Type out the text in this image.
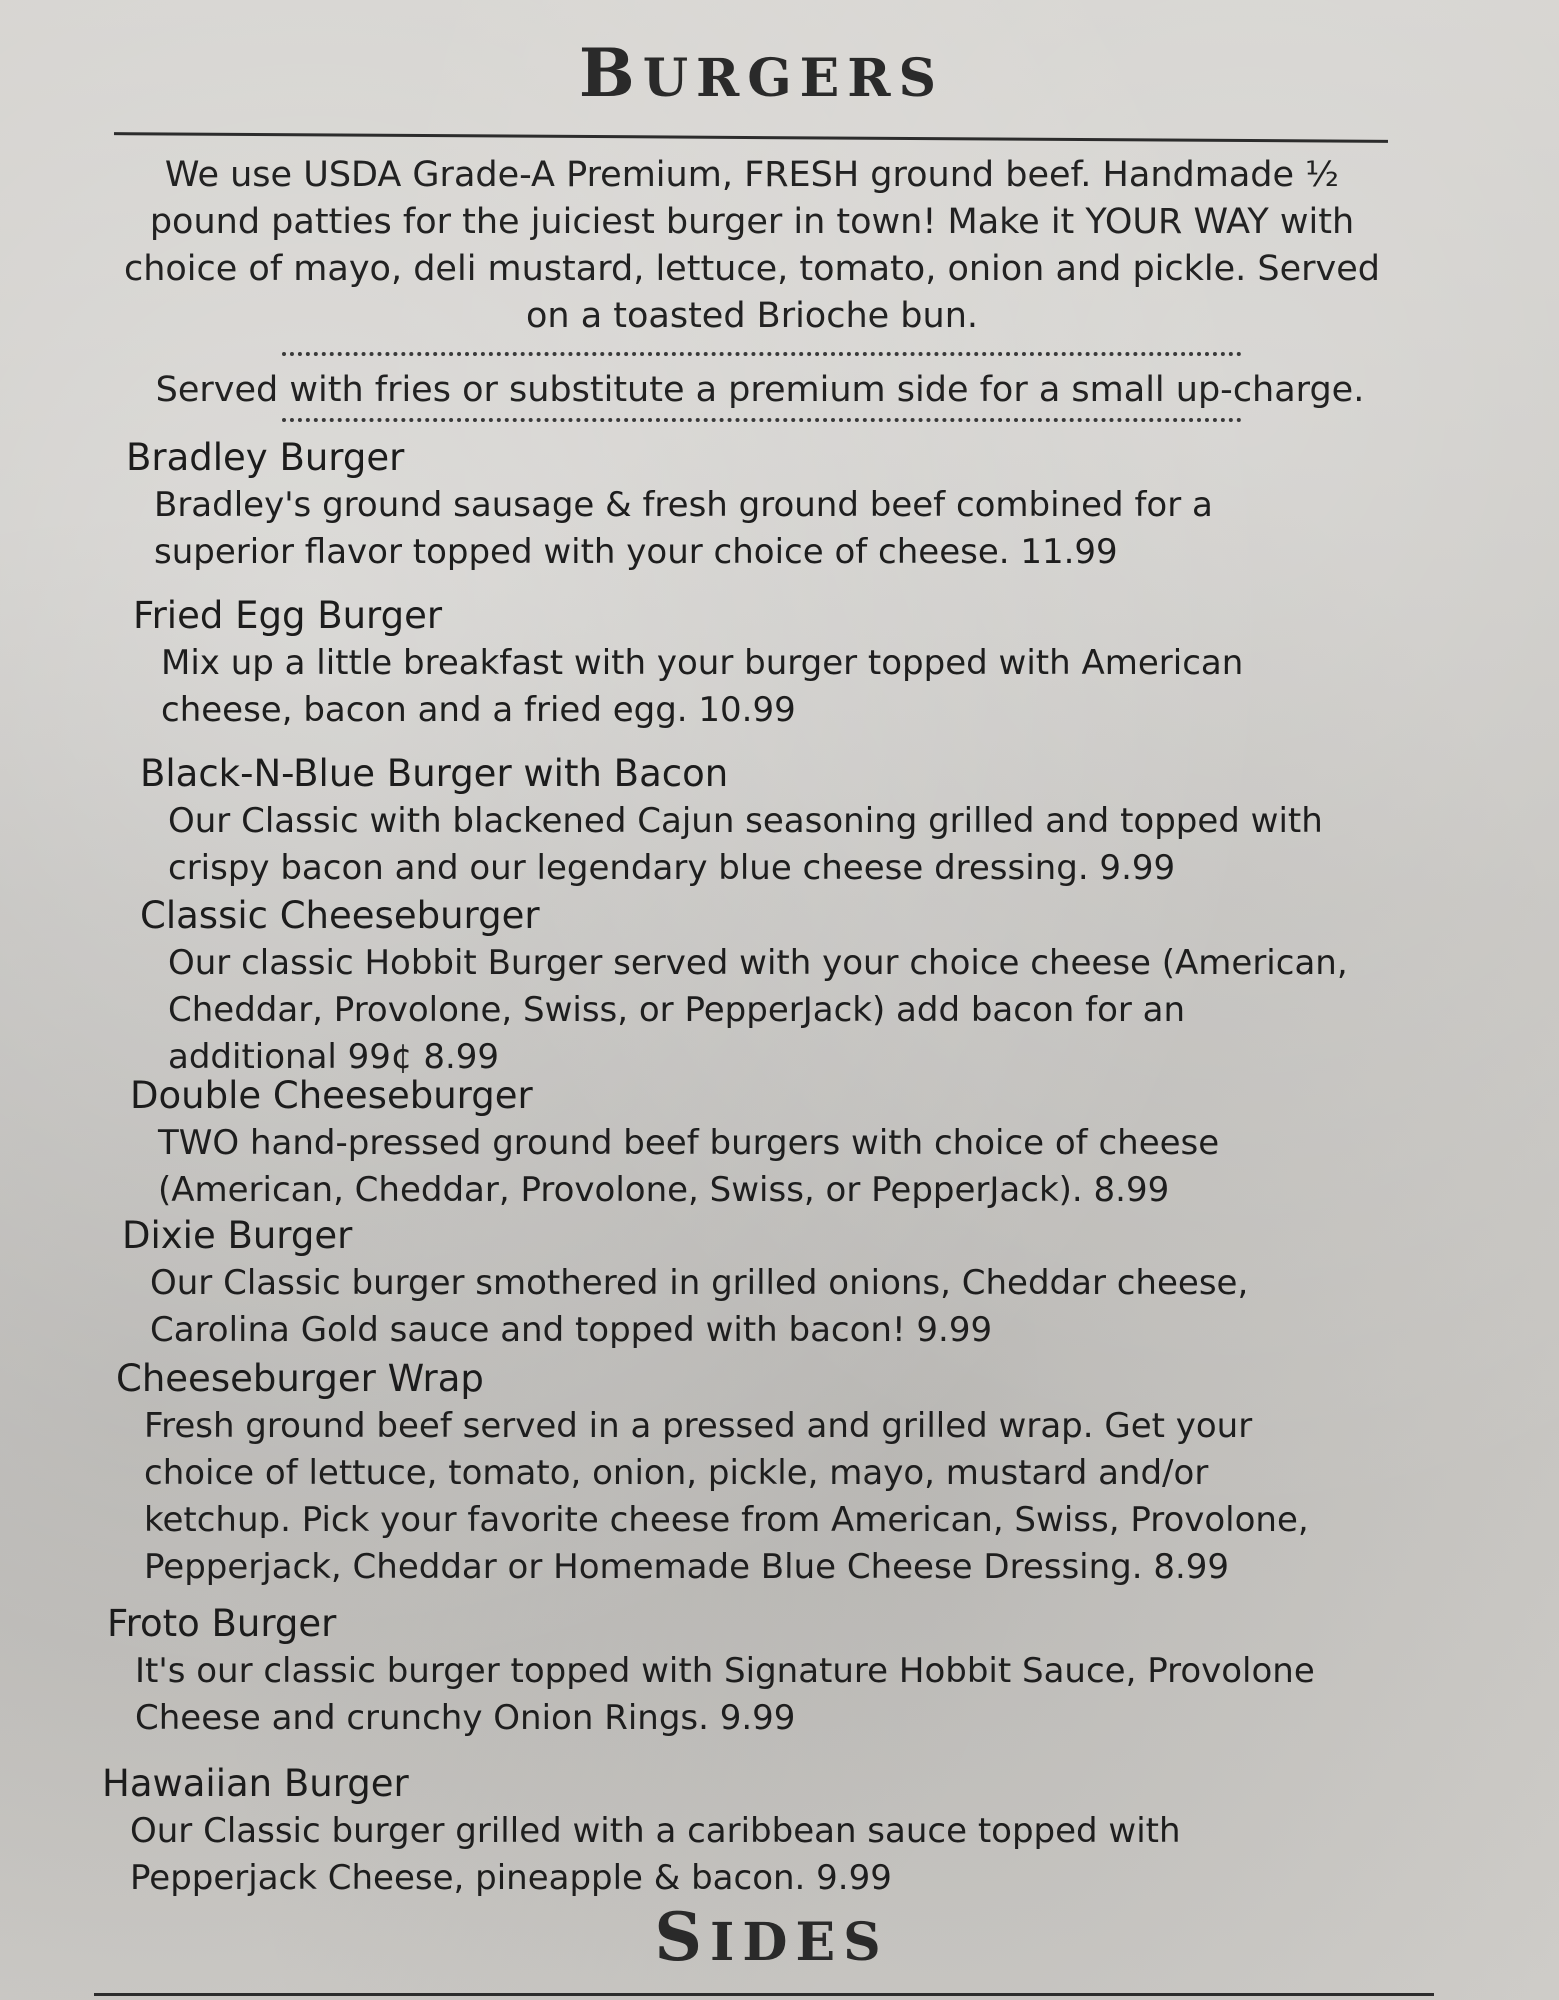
BURGERS
We use USDA Grade-A Premium, FRESH ground beef. Handmade ½
pound patties for the juiciest burger in town! Make it YOUR WAY with
choice of mayo, deli mustard, lettuce, tomato, onion and pickle. Served
on a toasted Brioche bun.
Served with fries or substitute a premium side for a small up-charge.
Bradley Burger
Bradley's ground sausage & fresh ground beef combined for a
superior flavor topped with your choice of cheese. 11.99
Fried Egg Burger
Mix up a little breakfast with your burger topped with American
cheese, bacon and a fried egg. 10.99
Black-N-Blue Burger with Bacon
Our Classic with blackened Cajun seasoning grilled and topped with
crispy bacon and our legendary blue cheese dressing. 9.99
Classic Cheeseburger
Our classic Hobbit Burger served with your choice cheese (American,
Cheddar, Provolone, Swiss, or PepperJack) add bacon for an
additional 99¢ 8.99
Double Cheeseburger
TWO hand-pressed ground beef burgers with choice of cheese
(American, Cheddar, Provolone, Swiss, or PepperJack). 8.99
Dixie Burger
Our Classic burger smothered in grilled onions, Cheddar cheese,
Carolina Gold sauce and topped with bacon! 9.99
Cheeseburger Wrap
Fresh ground beef served in a pressed and grilled wrap. Get your
choice of lettuce, tomato, onion, pickle, mayo, mustard and/or
ketchup. Pick your favorite cheese from American, Swiss, Provolone,
Pepperjack, Cheddar or Homemade Blue Cheese Dressing. 8.99
Froto Burger
It's our classic burger topped with Signature Hobbit Sauce, Provolone
Cheese and crunchy Onion Rings. 9.99
Hawaiian Burger
Our Classic burger grilled with a caribbean sauce topped with
Pepperjack Cheese, pineapple & bacon. 9.99
SIDES
